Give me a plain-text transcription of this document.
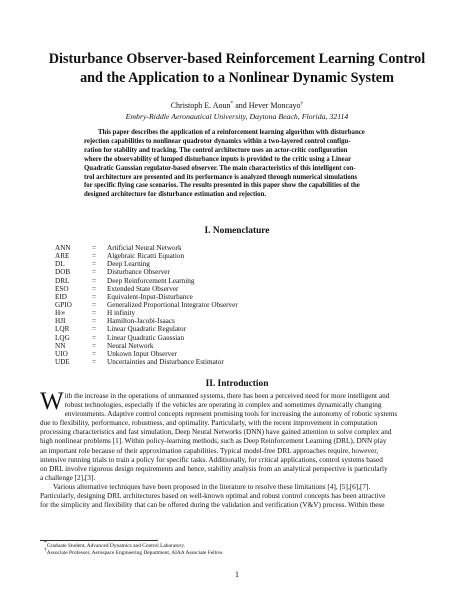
Disturbance Observer-based Reinforcement Learning Control
and the Application to a Nonlinear Dynamic System
Christoph E. Aoun* and Hever Moncayo†
Embry-Riddle Aeronautical University, Daytona Beach, Florida, 32114
This paper describes the application of a reinforcement learning algorithm with disturbance
rejection capabilities to nonlinear quadrotor dynamics within a two-layered control configu-
ration for stability and tracking. The control architecture uses an actor-critic configuration
where the observability of lumped disturbance inputs is provided to the critic using a Linear
Quadratic Gaussian regulator-based observer. The main characteristics of this intelligent con-
trol architecture are presented and its performance is analyzed through numerical simulations
for specific flying case scenarios. The results presented in this paper show the capabilities of the
designed architecture for disturbance estimation and rejection.
I. Nomenclature
ANN	= Artificial Neural Network
ARE	= Algebraic Ricatti Equation
DL	= Deep Learning
DOB	= Disturbance Observer
DRL	= Deep Reinforcement Learning
ESO	= Extended State Observer
EID	= Equivalent-Input-Disturbance
GPIO	= Generalized Proportional Integrator Observer
H∞	= H infinity
HJI	= Hamilton-Jacobi-Isaacs
LQR	= Linear Quadratic Regulator
LQG	= Linear Quadratic Gaussian
NN	= Neural Network
UIO	= Unkown Input Observer
UDE	= Uncertainties and Disturbance Estimator
II. Introduction
W ith the increase in the operations of unmanned systems, there has been a perceived need for more intelligent and
robust technologies, especially if the vehicles are operating in complex and sometimes dynamically changing
environments. Adaptive control concepts represent promising tools for increasing the autonomy of robotic systems
due to flexibility, performance, robustness, and optimality. Particularly, with the recent improvement in computation
processing characteristics and fast simulation, Deep Neural Networks (DNN) have gained attention to solve complex and
high nonlinear problems [1]. Within policy-learning methods, such as Deep Reinforcement Learning (DRL), DNN play
an important role because of their approximation capabilities. Typical model-free DRL approaches require, however,
intensive running trials to train a policy for specific tasks. Additionally, for critical applications, control systems based
on DRL involve rigorous design requirements and hence, stability analysis from an analytical perspective is particularly
a challenge [2],[3].
Various alternative techniques have been proposed in the literature to resolve these limitations [4], [5],[6],[7].
Particularly, designing DRL architectures based on well-known optimal and robust control concepts has been attractive
for the simplicity and flexibility that can be offered during the validation and verification (V&V) process. Within these
*Graduate Student, Advanced Dynamics and Control Laboratory.
†Associate Professor, Aerospace Engineering Department, AIAA Associate Fellow
1
